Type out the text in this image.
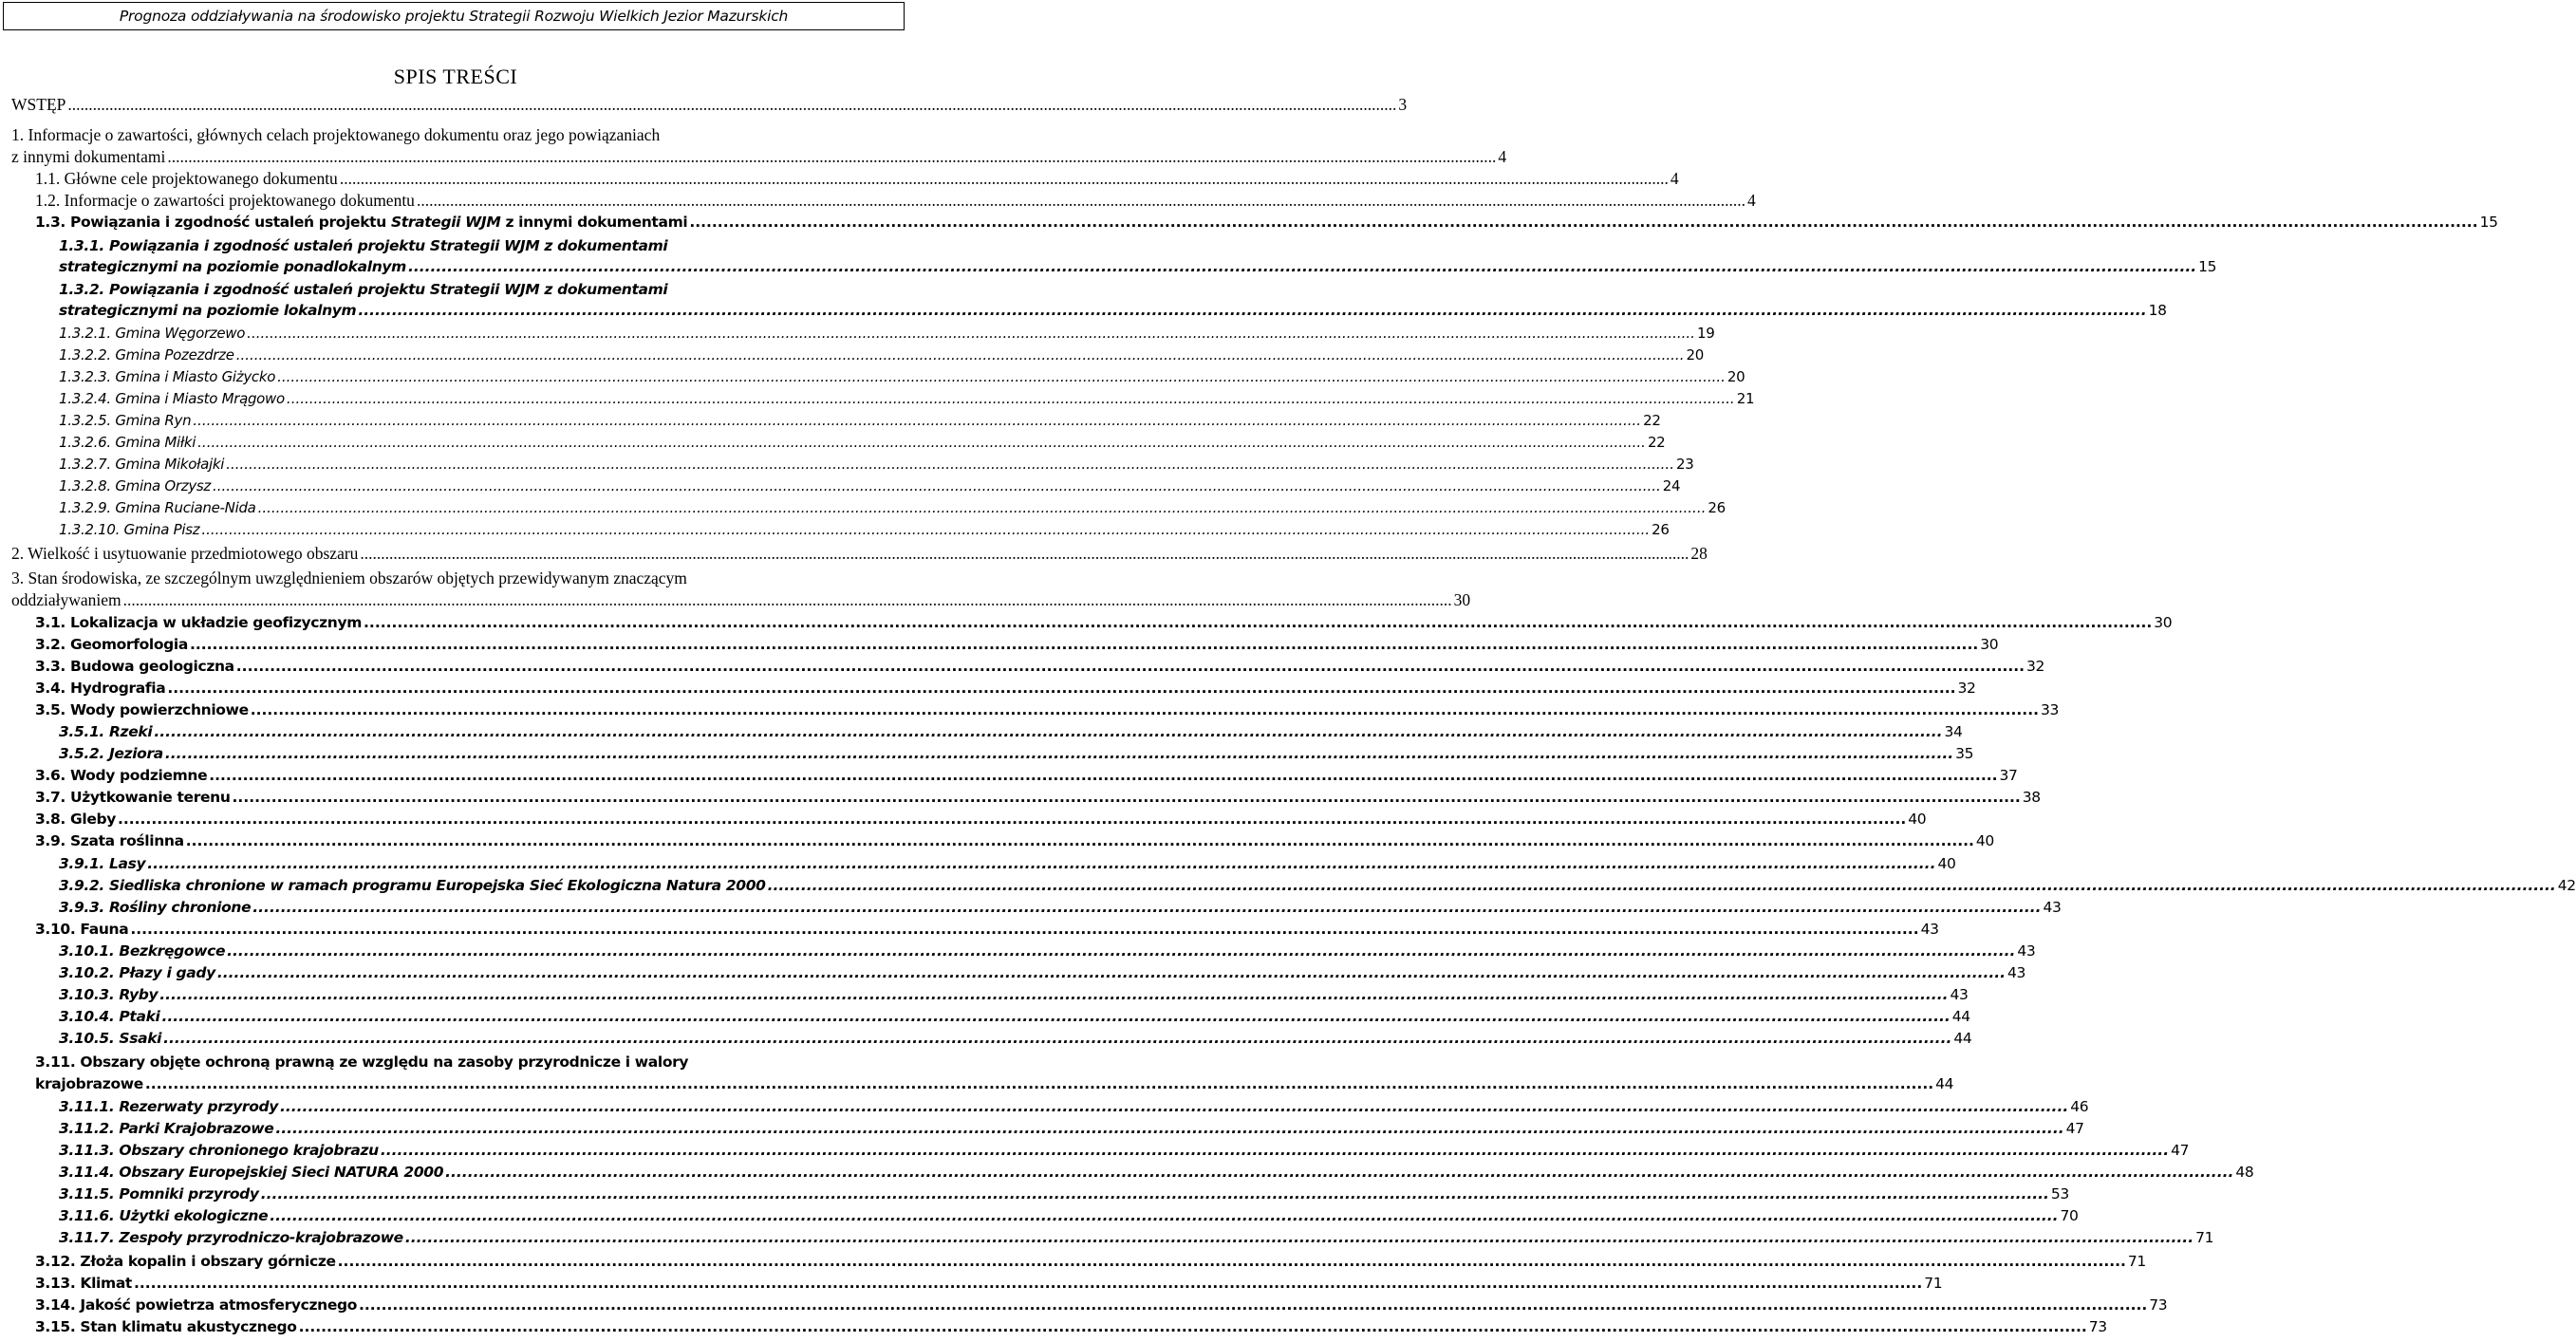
Prognoza oddziaływania na środowisko projektu Strategii Rozwoju Wielkich Jezior Mazurskich
SPIS TREŚCI
WSTĘP .....	3
1. Informacje o zawartości, głównych celach projektowanego dokumentu oraz jego powiązaniach
z innymi dokumentami .....	4
1.1. Główne cele projektowanego dokumentu .....	4
1.2. Informacje o zawartości projektowanego dokumentu .....	4
1.3. Powiązania i zgodność ustaleń projektu Strategii WJM z innymi dokumentami .....	15
1.3.1. Powiązania i zgodność ustaleń projektu Strategii WJM z dokumentami
strategicznymi na poziomie ponadlokalnym .....	15
1.3.2. Powiązania i zgodność ustaleń projektu Strategii WJM z dokumentami
strategicznymi na poziomie lokalnym .....	18
1.3.2.1. Gmina Węgorzewo .....	19
1.3.2.2. Gmina Pozezdrze .....	20
1.3.2.3. Gmina i Miasto Giżycko .....	20
1.3.2.4. Gmina i Miasto Mrągowo .....	21
1.3.2.5. Gmina Ryn .....	22
1.3.2.6. Gmina Miłki .....	22
1.3.2.7. Gmina Mikołajki .....	23
1.3.2.8. Gmina Orzysz .....	24
1.3.2.9. Gmina Ruciane-Nida .....	26
1.3.2.10. Gmina Pisz .....	26
2. Wielkość i usytuowanie przedmiotowego obszaru .....	28
3. Stan środowiska, ze szczególnym uwzględnieniem obszarów objętych przewidywanym znaczącym
oddziaływaniem .....	30
3.1. Lokalizacja w układzie geofizycznym .....	30
3.2. Geomorfologia .....	30
3.3. Budowa geologiczna .....	32
3.4. Hydrografia .....	32
3.5. Wody powierzchniowe .....	33
3.5.1. Rzeki .....	34
3.5.2. Jeziora .....	35
3.6. Wody podziemne .....	37
3.7. Użytkowanie terenu .....	38
3.8. Gleby .....	40
3.9. Szata roślinna .....	40
3.9.1. Lasy .....	40
3.9.2. Siedliska chronione w ramach programu Europejska Sieć Ekologiczna Natura 2000 .....	42
3.9.3. Rośliny chronione .....	43
3.10. Fauna .....	43
3.10.1. Bezkręgowce .....	43
3.10.2. Płazy i gady .....	43
3.10.3. Ryby .....	43
3.10.4. Ptaki .....	44
3.10.5. Ssaki .....	44
3.11. Obszary objęte ochroną prawną ze względu na zasoby przyrodnicze i walory
krajobrazowe .....	44
3.11.1. Rezerwaty przyrody .....	46
3.11.2. Parki Krajobrazowe .....	47
3.11.3. Obszary chronionego krajobrazu .....	47
3.11.4. Obszary Europejskiej Sieci NATURA 2000 .....	48
3.11.5. Pomniki przyrody .....	53
3.11.6. Użytki ekologiczne .....	70
3.11.7. Zespoły przyrodniczo-krajobrazowe .....	71
3.12. Złoża kopalin i obszary górnicze .....	71
3.13. Klimat .....	71
3.14. Jakość powietrza atmosferycznego .....	73
3.15. Stan klimatu akustycznego .....	73
